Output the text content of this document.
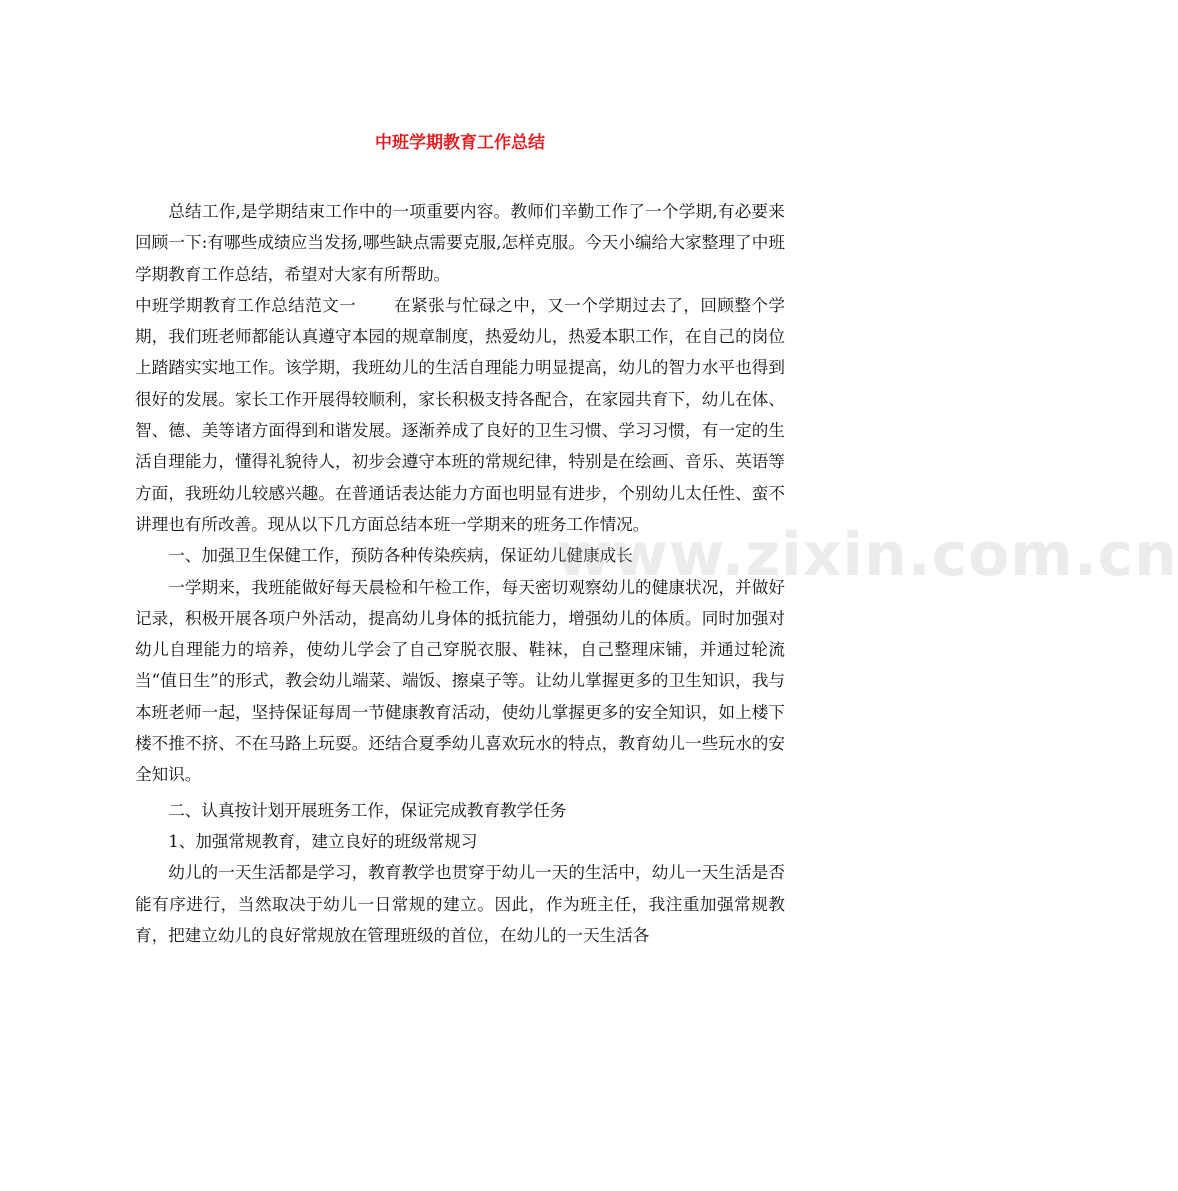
中班学期教育工作总结

总结工作,是学期结束工作中的一项重要内容。教师们辛勤工作了一个学期,有必要来回顾一下:有哪些成绩应当发扬,哪些缺点需要克服,怎样克服。今天小编给大家整理了中班学期教育工作总结，希望对大家有所帮助。

中班学期教育工作总结范文一 在紧张与忙碌之中，又一个学期过去了，回顾整个学期，我们班老师都能认真遵守本园的规章制度，热爱幼儿，热爱本职工作，在自己的岗位上踏踏实实地工作。该学期，我班幼儿的生活自理能力明显提高，幼儿的智力水平也得到很好的发展。家长工作开展得较顺利，家长积极支持各配合，在家园共育下，幼儿在体、智、德、美等诸方面得到和谐发展。逐渐养成了良好的卫生习惯、学习习惯，有一定的生活自理能力，懂得礼貌待人，初步会遵守本班的常规纪律，特别是在绘画、音乐、英语等方面，我班幼儿较感兴趣。在普通话表达能力方面也明显有进步，个别幼儿太任性、蛮不讲理也有所改善。现从以下几方面总结本班一学期来的班务工作情况。

一、加强卫生保健工作，预防各种传染疾病，保证幼儿健康成长

一学期来，我班能做好每天晨检和午检工作，每天密切观察幼儿的健康状况，并做好记录，积极开展各项户外活动，提高幼儿身体的抵抗能力，增强幼儿的体质。同时加强对幼儿自理能力的培养，使幼儿学会了自己穿脱衣服、鞋袜，自己整理床铺，并通过轮流当“值日生”的形式，教会幼儿端菜、端饭、擦桌子等。让幼儿掌握更多的卫生知识，我与本班老师一起，坚持保证每周一节健康教育活动，使幼儿掌握更多的安全知识，如上楼下楼不推不挤、不在马路上玩耍。还结合夏季幼儿喜欢玩水的特点，教育幼儿一些玩水的安全知识。

二、认真按计划开展班务工作，保证完成教育教学任务

1、加强常规教育，建立良好的班级常规习

幼儿的一天生活都是学习，教育教学也贯穿于幼儿一天的生活中，幼儿一天生活是否能有序进行，当然取决于幼儿一日常规的建立。因此，作为班主任，我注重加强常规教育，把建立幼儿的良好常规放在管理班级的首位，在幼儿的一天生活各

www.zixin.com.cn
